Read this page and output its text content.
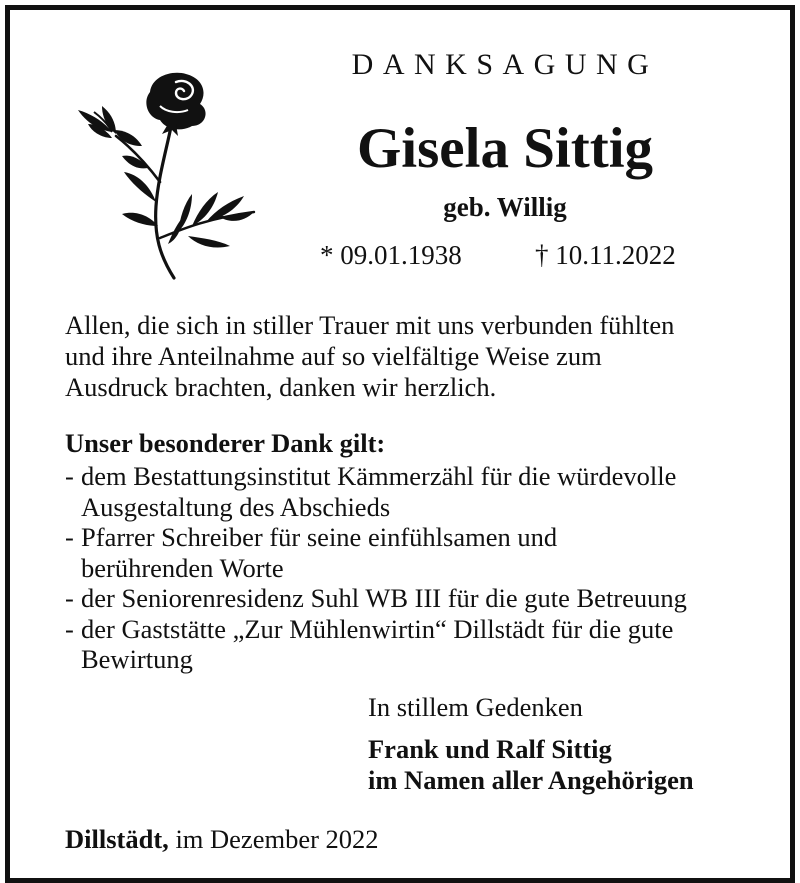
DANKSAGUNG
Gisela Sittig
geb. Willig
* 09.01.1938	† 10.11.2022

Allen, die sich in stiller Trauer mit uns verbunden fühlten
und ihre Anteilnahme auf so vielfältige Weise zum
Ausdruck brachten, danken wir herzlich.

Unser besonderer Dank gilt:
- dem Bestattungsinstitut Kämmerzähl für die würdevolle
Ausgestaltung des Abschieds
- Pfarrer Schreiber für seine einfühlsamen und
berührenden Worte
- der Seniorenresidenz Suhl WB III für die gute Betreuung
- der Gaststätte „Zur Mühlenwirtin“ Dillstädt für die gute
Bewirtung
In stillem Gedenken
Frank und Ralf Sittig
im Namen aller Angehörigen
Dillstädt, im Dezember 2022
